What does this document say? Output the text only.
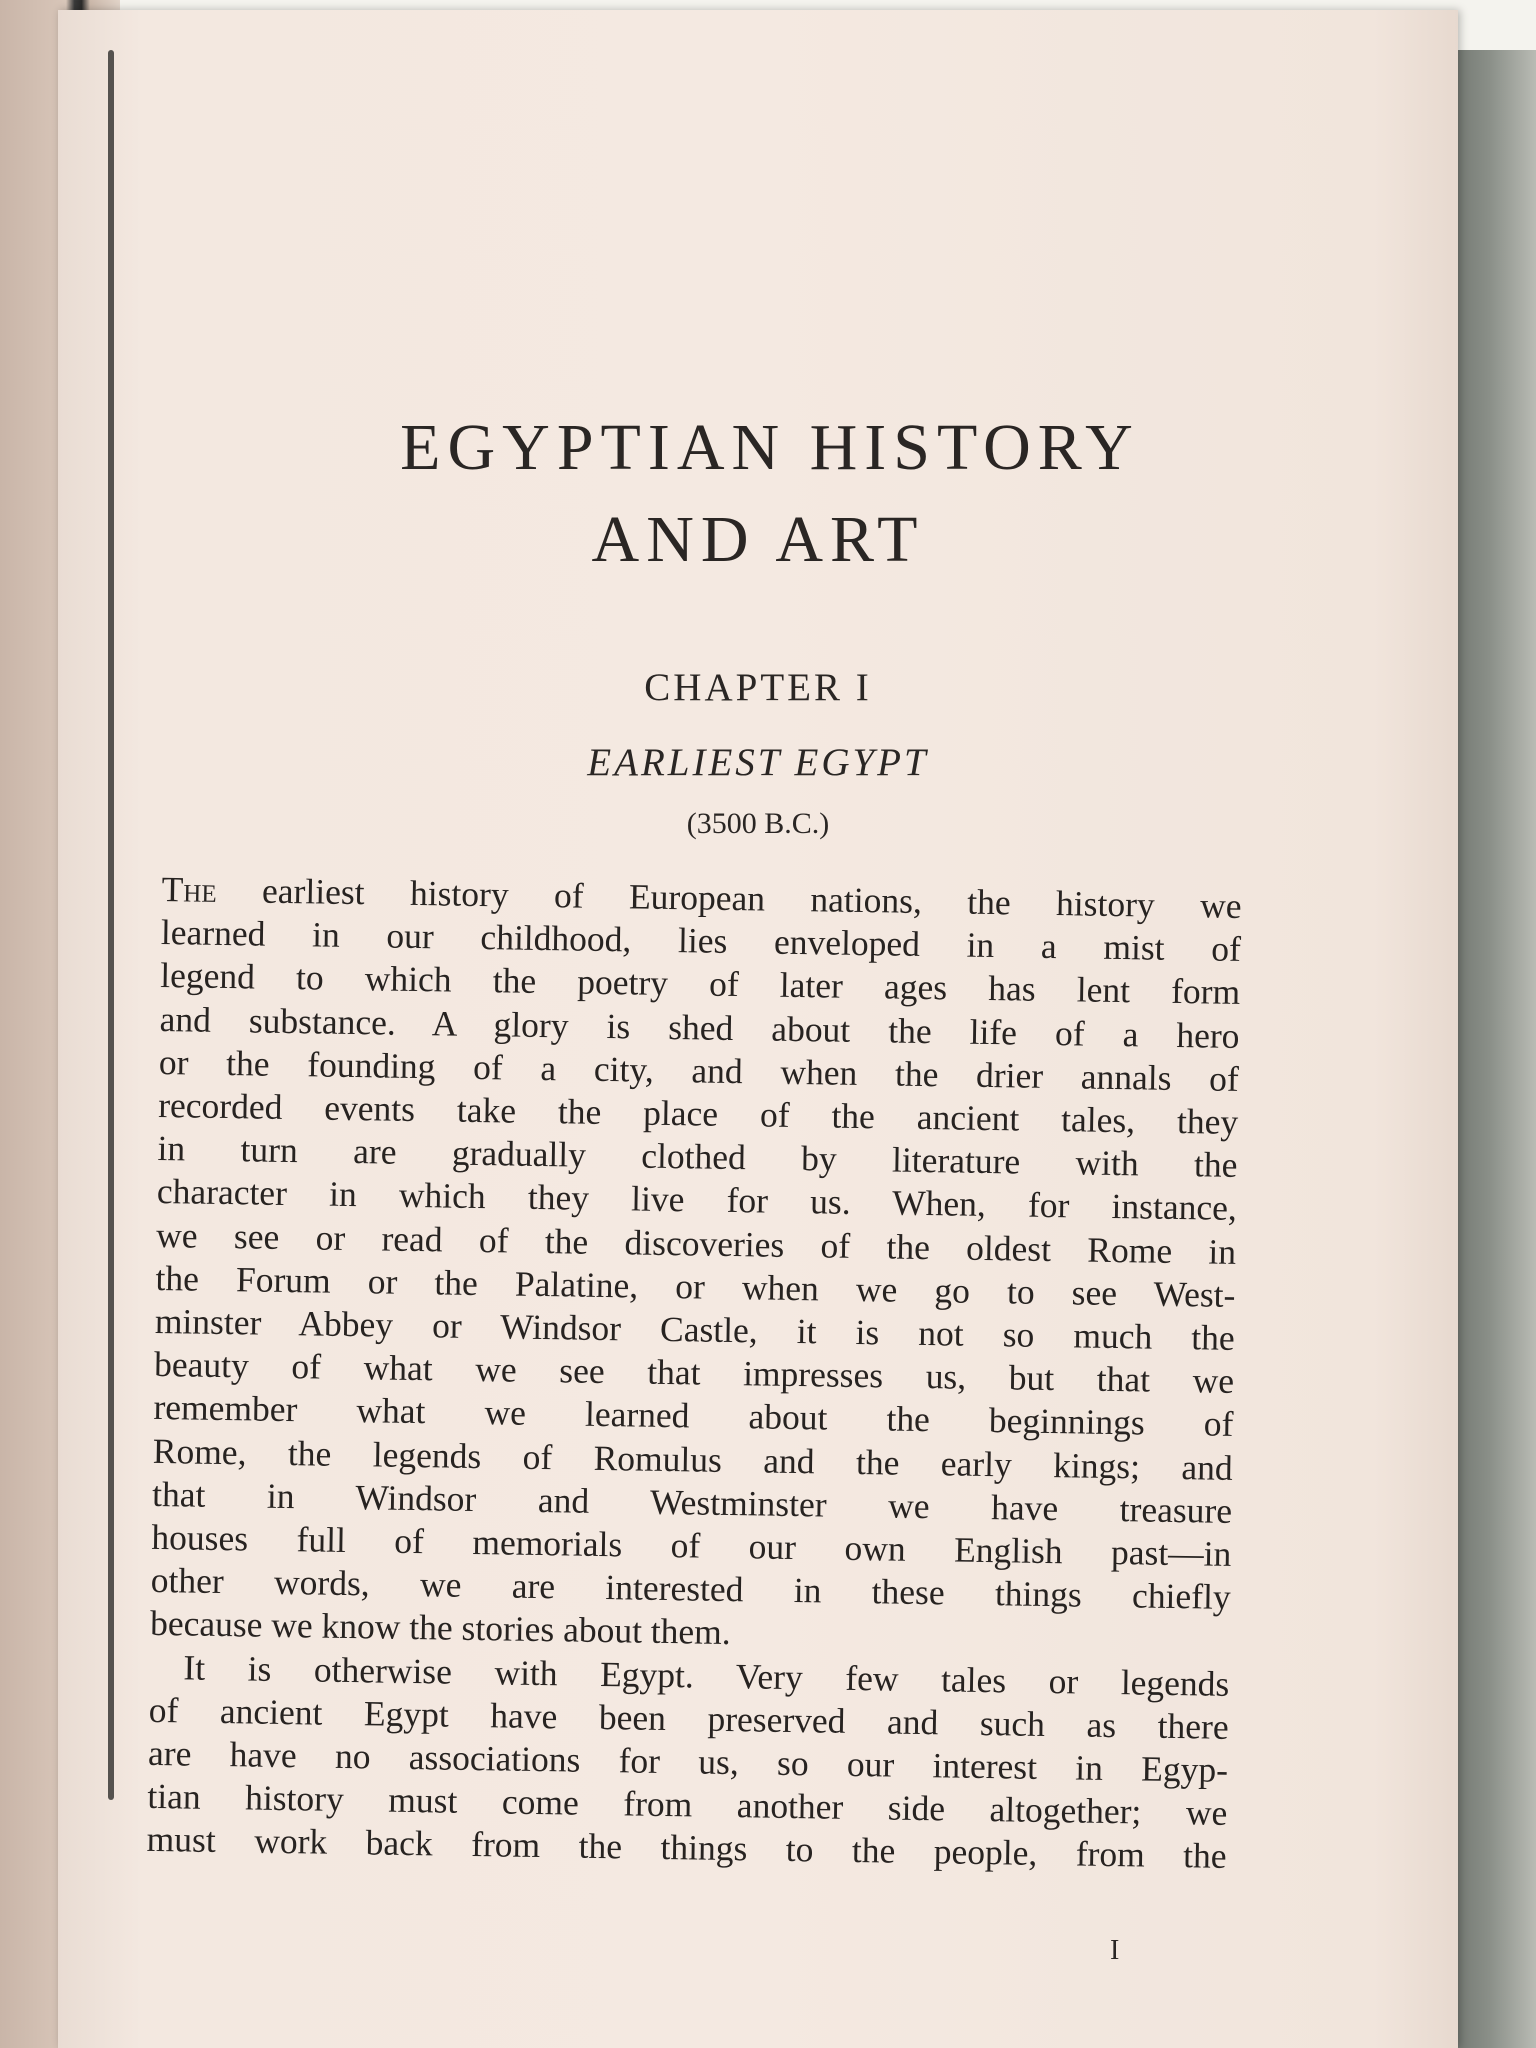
EGYPTIAN HISTORY
AND ART
CHAPTER I
EARLIEST EGYPT
(3500 B.C.)
The earliest history of European nations, the history we
learned in our childhood, lies enveloped in a mist of
legend to which the poetry of later ages has lent form
and substance. A glory is shed about the life of a hero
or the founding of a city, and when the drier annals of
recorded events take the place of the ancient tales, they
in turn are gradually clothed by literature with the
character in which they live for us. When, for instance,
we see or read of the discoveries of the oldest Rome in
the Forum or the Palatine, or when we go to see West-
minster Abbey or Windsor Castle, it is not so much the
beauty of what we see that impresses us, but that we
remember what we learned about the beginnings of
Rome, the legends of Romulus and the early kings; and
that in Windsor and Westminster we have treasure
houses full of memorials of our own English past—in
other words, we are interested in these things chiefly
because we know the stories about them.
It is otherwise with Egypt. Very few tales or legends
of ancient Egypt have been preserved and such as there
are have no associations for us, so our interest in Egyp-
tian history must come from another side altogether; we
must work back from the things to the people, from the
I
